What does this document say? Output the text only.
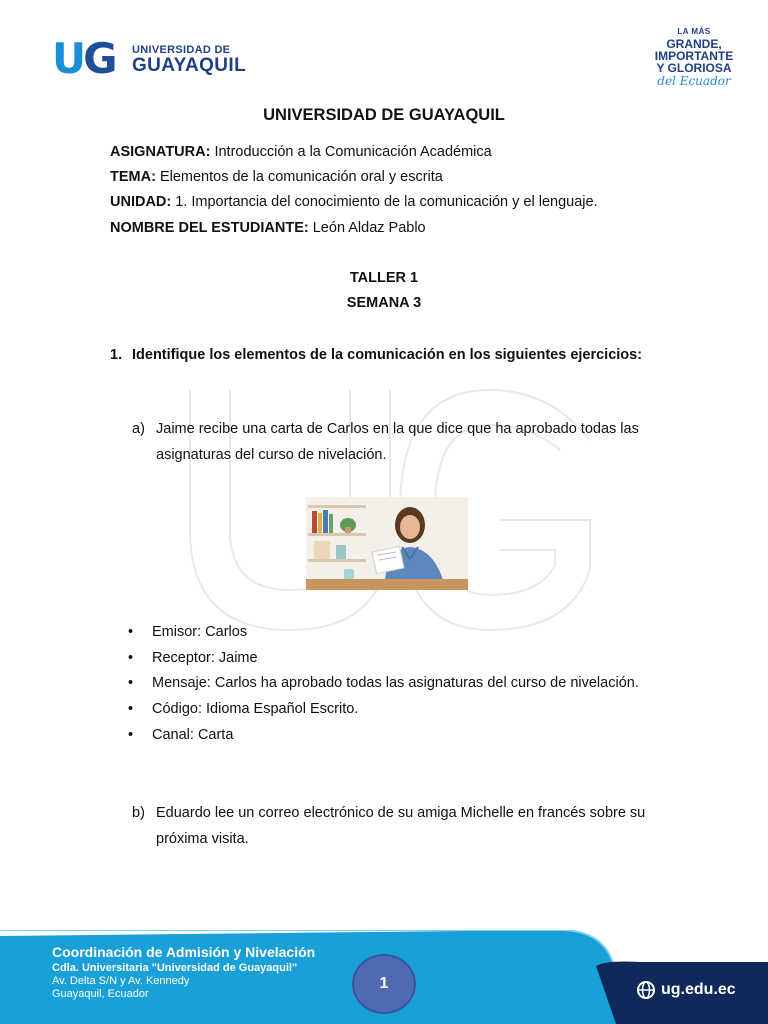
UG UNIVERSIDAD DE
GUAYAQUIL
LA MÁS
GRANDE,
IMPORTANTE
Y GLORIOSA
del Ecuador
UNIVERSIDAD DE GUAYAQUIL
ASIGNATURA: Introducción a la Comunicación Académica
TEMA: Elementos de la comunicación oral y escrita
UNIDAD: 1. Importancia del conocimiento de la comunicación y el lenguaje.
NOMBRE DEL ESTUDIANTE: León Aldaz Pablo
TALLER 1
SEMANA 3
1. Identifique los elementos de la comunicación en los siguientes ejercicios:
a) Jaime recibe una carta de Carlos en la que dice que ha aprobado todas las asignaturas del curso de nivelación.
• Emisor: Carlos
• Receptor: Jaime
• Mensaje: Carlos ha aprobado todas las asignaturas del curso de nivelación.
• Código: Idioma Español Escrito.
• Canal: Carta
b) Eduardo lee un correo electrónico de su amiga Michelle en francés sobre su próxima visita.
Coordinación de Admisión y Nivelación
Cdla. Universitaria "Universidad de Guayaquil"
Av. Delta S/N y Av. Kennedy
Guayaquil, Ecuador
1	ug.edu.ec
